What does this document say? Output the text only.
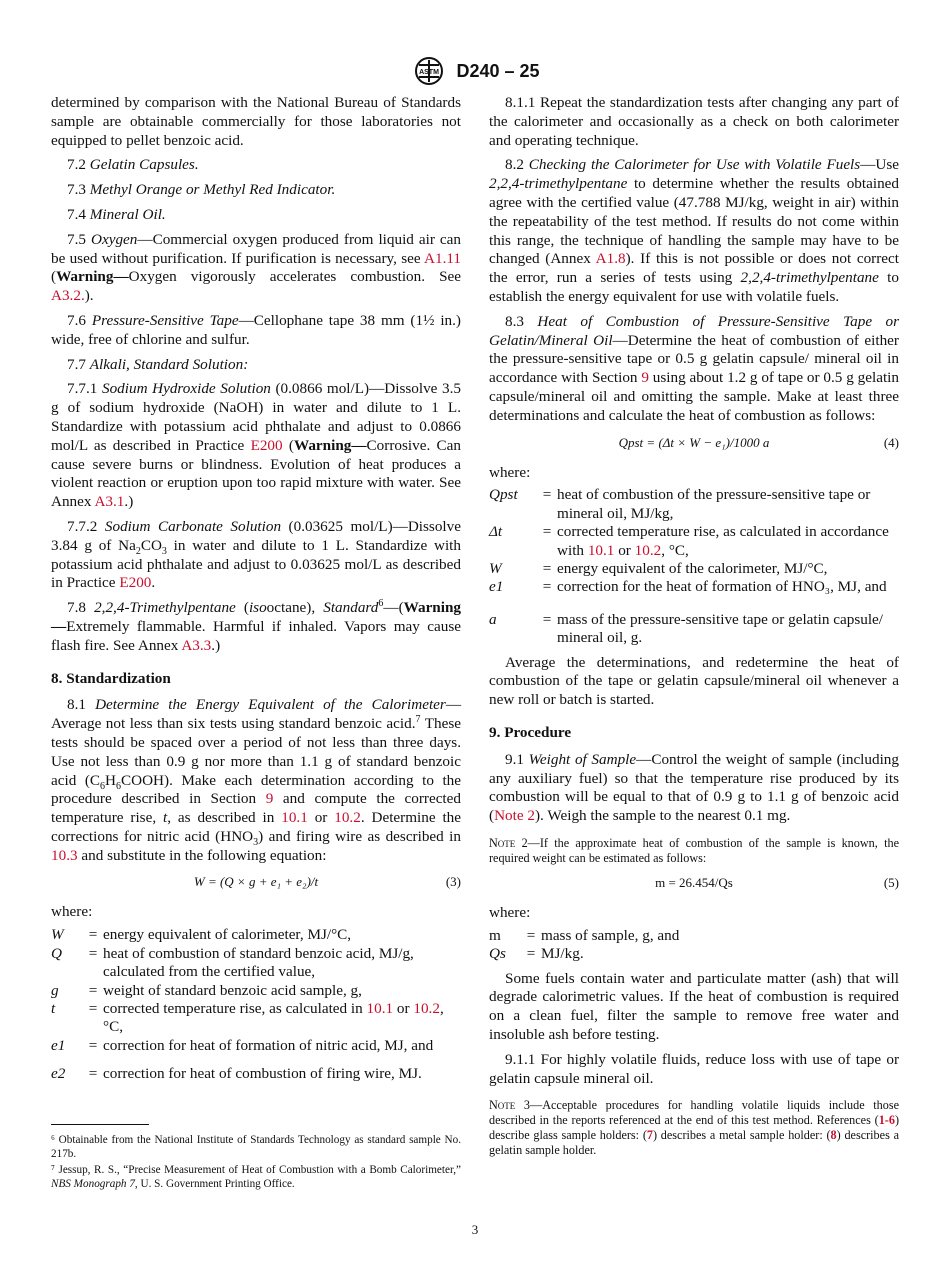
ASTM D240 – 25

determined by comparison with the National Bureau of Standards sample are obtainable commercially for those laboratories not equipped to pellet benzoic acid.

7.2 Gelatin Capsules.

7.3 Methyl Orange or Methyl Red Indicator.

7.4 Mineral Oil.

7.5 Oxygen—Commercial oxygen produced from liquid air can be used without purification. If purification is necessary, see A1.11 (Warning—Oxygen vigorously accelerates combustion. See A3.2.).

7.6 Pressure-Sensitive Tape—Cellophane tape 38 mm (1½ in.) wide, free of chlorine and sulfur.

7.7 Alkali, Standard Solution:

7.7.1 Sodium Hydroxide Solution (0.0866 mol/L)—Dissolve 3.5 g of sodium hydroxide (NaOH) in water and dilute to 1 L. Standardize with potassium acid phthalate and adjust to 0.0866 mol/L as described in Practice E200 (Warning—Corrosive. Can cause severe burns or blindness. Evolution of heat produces a violent reaction or eruption upon too rapid mixture with water. See Annex A3.1.)

7.7.2 Sodium Carbonate Solution (0.03625 mol/L)—Dissolve 3.84 g of $Na_2CO_3$ in water and dilute to 1 L. Standardize with potassium acid phthalate and adjust to 0.03625 mol/L as described in Practice E200.

7.8 2,2,4-Trimethylpentane (isooctane), Standard$^6$—(Warning—Extremely flammable. Harmful if inhaled. Vapors may cause flash fire. See Annex A3.3.)

8. Standardization

8.1 Determine the Energy Equivalent of the Calorimeter—Average not less than six tests using standard benzoic acid.$^7$ These tests should be spaced over a period of not less than three days. Use not less than 0.9 g nor more than 1.1 g of standard benzoic acid $(C_6H_6COOH)$. Make each determination according to the procedure described in Section 9 and compute the corrected temperature rise, t, as described in 10.1 or 10.2. Determine the corrections for nitric acid $(HNO_3)$ and firing wire as described in 10.3 and substitute in the following equation:

W = (Q × g + e₁ + e₂)/t	(3)

where:

W	=	energy equivalent of calorimeter, MJ/°C,
Q	=	heat of combustion of standard benzoic acid, MJ/g, calculated from the certified value,
g	=	weight of standard benzoic acid sample, g,
t	=	corrected temperature rise, as calculated in 10.1 or 10.2, °C,
e1	=	correction for heat of formation of nitric acid, MJ, and
e2	=	correction for heat of combustion of firing wire, MJ.
⁶ Obtainable from the National Institute of Standards Technology as standard sample No. 217b.
⁷ Jessup, R. S., “Precise Measurement of Heat of Combustion with a Bomb Calorimeter,” NBS Monograph 7, U. S. Government Printing Office.

8.1.1 Repeat the standardization tests after changing any part of the calorimeter and occasionally as a check on both calorimeter and operating technique.

8.2 Checking the Calorimeter for Use with Volatile Fuels—Use 2,2,4-trimethylpentane to determine whether the results obtained agree with the certified value (47.788 MJ/kg, weight in air) within the repeatability of the test method. If results do not come within this range, the technique of handling the sample may have to be changed (Annex A1.8). If this is not possible or does not correct the error, run a series of tests using 2,2,4-trimethylpentane to establish the energy equivalent for use with volatile fuels.

8.3 Heat of Combustion of Pressure-Sensitive Tape or Gelatin/Mineral Oil—Determine the heat of combustion of either the pressure-sensitive tape or 0.5 g gelatin capsule/ mineral oil in accordance with Section 9 using about 1.2 g of tape or 0.5 g gelatin capsule/mineral oil and omitting the sample. Make at least three determinations and calculate the heat of combustion as follows:

Qpst = (Δt × W − e₁)/1000 a	(4)

where:

Qpst	=	heat of combustion of the pressure-sensitive tape or mineral oil, MJ/kg,
Δt	=	corrected temperature rise, as calculated in accordance with 10.1 or 10.2, °C,
W	=	energy equivalent of the calorimeter, MJ/°C,
e1	=	correction for the heat of formation of HNO₃, MJ, and
a	=	mass of the pressure-sensitive tape or gelatin capsule/ mineral oil, g.

Average the determinations, and redetermine the heat of combustion of the tape or gelatin capsule/mineral oil whenever a new roll or batch is started.

9. Procedure

9.1 Weight of Sample—Control the weight of sample (including any auxiliary fuel) so that the temperature rise produced by its combustion will be equal to that of 0.9 g to 1.1 g of benzoic acid (Note 2). Weigh the sample to the nearest 0.1 mg.

Note 2—If the approximate heat of combustion of the sample is known, the required weight can be estimated as follows:

m = 26.454/Qs	(5)

where:

m	=	mass of sample, g, and
Qs	=	MJ/kg.

Some fuels contain water and particulate matter (ash) that will degrade calorimetric values. If the heat of combustion is required on a clean fuel, filter the sample to remove free water and insoluble ash before testing.

9.1.1 For highly volatile fluids, reduce loss with use of tape or gelatin capsule mineral oil.

Note 3—Acceptable procedures for handling volatile liquids include those described in the reports referenced at the end of this test method. References (1-6) describe glass sample holders: (7) describes a metal sample holder: (8) describes a gelatin sample holder.

3
